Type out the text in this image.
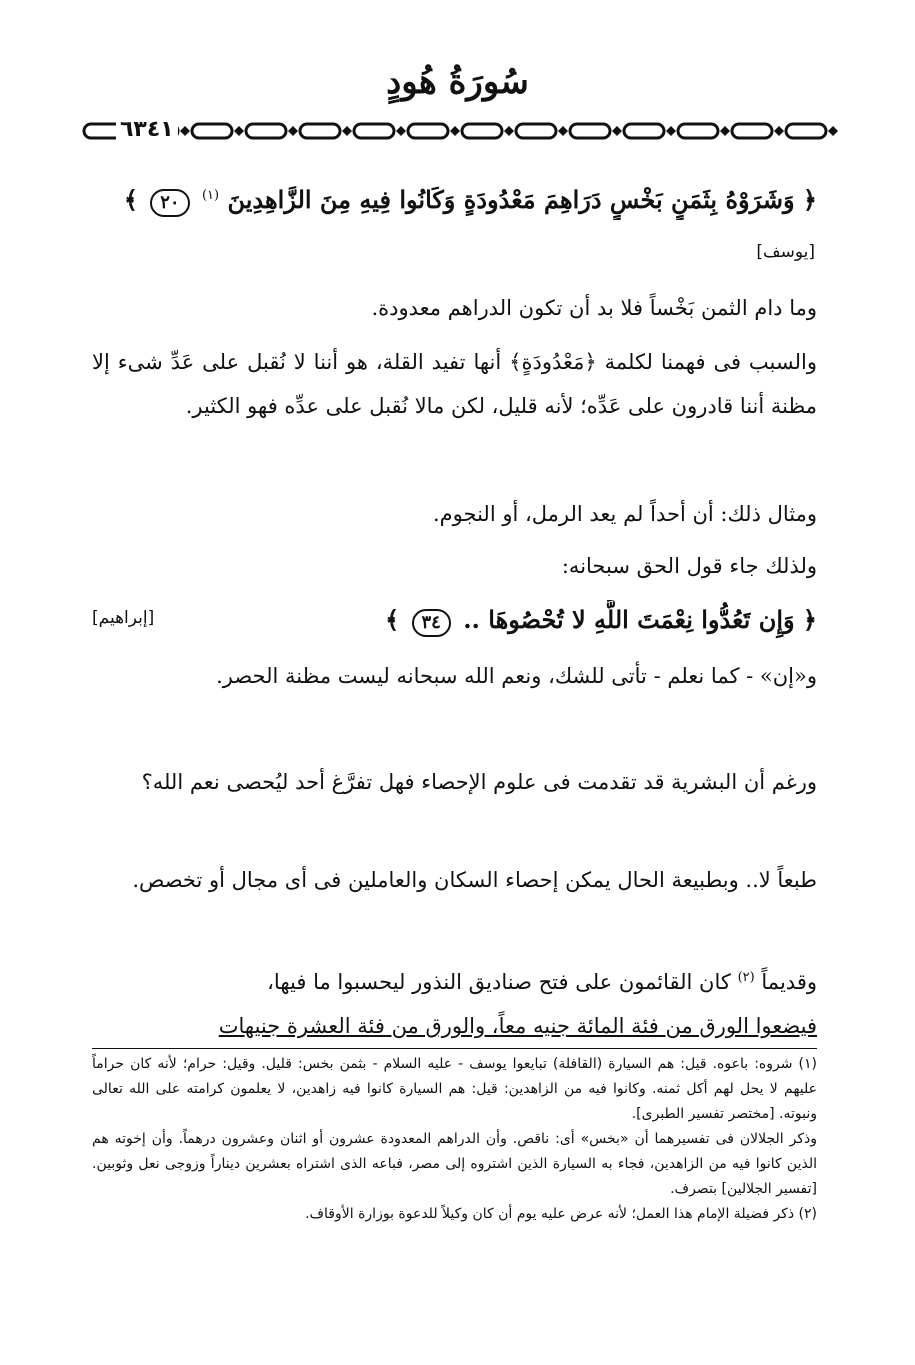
سُورَةُ هُودٍ
٦٣٤١
﴿ وَشَرَوْهُ بِثَمَنٍ بَخْسٍ دَرَاهِمَ مَعْدُودَةٍ وَكَانُوا فِيهِ مِنَ الزَّاهِدِينَ $^{(١)}$ ٢٠ ﴾
[يوسف]
وما دام الثمن بَخْساً فلا بد أن تكون الدراهم معدودة.
والسبب فى فهمنا لكلمة ﴿مَعْدُودَةٍ﴾ أنها تفيد القلة، هو أننا لا نُقبل على عَدِّ شىء إلا مظنة أننا قادرون على عَدِّه؛ لأنه قليل، لكن مالا نُقبل على عدِّه فهو الكثير.
ومثال ذلك: أن أحداً لم يعد الرمل، أو النجوم.
ولذلك جاء قول الحق سبحانه:
﴿ وَإِن تَعُدُّوا نِعْمَتَ اللَّهِ لا تُحْصُوهَا .. ٣٤ ﴾
[إبراهيم]
و«إن» - كما نعلم - تأتى للشك، ونعم الله سبحانه ليست مظنة الحصر.
ورغم أن البشرية قد تقدمت فى علوم الإحصاء فهل تفرَّغ أحد ليُحصى نعم الله؟
طبعاً لا.. وبطبيعة الحال يمكن إحصاء السكان والعاملين فى أى مجال أو تخصص.
وقديماً $^{(٢)}$ كان القائمون على فتح صناديق النذور ليحسبوا ما فيها،
فيضعوا الورق من فئة المائة جنيه معاً، والورق من فئة العشرة جنيهات

(١) شروه: باعوه. قيل: هم السيارة (القافلة) تبايعوا يوسف - عليه السلام - بثمن بخس: قليل. وقيل: حرام؛ لأنه كان حراماً عليهم لا يحل لهم أكل ثمنه. وكانوا فيه من الزاهدين: قيل: هم السيارة كانوا فيه زاهدين، لا يعلمون كرامته على الله تعالى ونبوته. [مختصر تفسير الطبرى].

وذكر الجلالان فى تفسيرهما أن «بخس» أى: ناقص. وأن الدراهم المعدودة عشرون أو اثنان وعشرون درهماً. وأن إخوته هم الذين كانوا فيه من الزاهدين، فجاء به السيارة الذين اشتروه إلى مصر، فباعه الذى اشتراه بعشرين ديناراً وزوجى نعل وثوبين. [تفسير الجلالين] بتصرف.

(٢) ذكر فضيلة الإمام هذا العمل؛ لأنه عرض عليه يوم أن كان وكيلاً للدعوة بوزارة الأوقاف.
